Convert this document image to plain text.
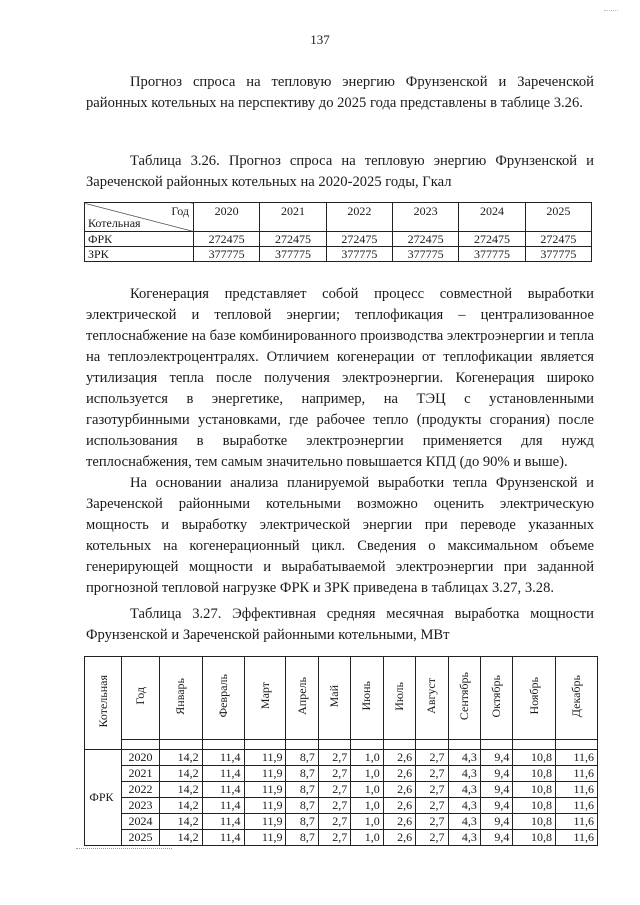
137

Прогноз спроса на тепловую энергию Фрунзенской и Зареченской районных котельных на перспективу до 2025 года представлены в таблице 3.26.

Таблица 3.26. Прогноз спроса на тепловую энергию Фрунзенской и Зареченской районных котельных на 2020-2025 годы, Гкал

Год
Котельная	2020	2021	2022	2023	2024	2025

ФРК	272475	272475	272475	272475	272475	272475
ЗРК	377775	377775	377775	377775	377775	377775

Когенерация представляет собой процесс совместной выработки электрической и тепловой энергии; теплофикация – централизованное теплоснабжение на базе комбинированного производства электроэнергии и тепла на теплоэлектроцентралях. Отличием когенерации от теплофикации является утилизация тепла после получения электроэнергии. Когенерация широко используется в энергетике, например, на ТЭЦ с установленными газотурбинными установками, где рабочее тепло (продукты сгорания) после использования в выработке электроэнергии применяется для нужд теплоснабжения, тем самым значительно повышается КПД (до 90% и выше).

На основании анализа планируемой выработки тепла Фрунзенской и Зареченской районными котельными возможно оценить электрическую мощность и выработку электрической энергии при переводе указанных котельных на когенерационный цикл. Сведения о максимальном объеме генерирующей мощности и вырабатываемой электроэнергии при заданной прогнозной тепловой нагрузке ФРК и ЗРК приведена в таблицах 3.27, 3.28.

Таблица 3.27. Эффективная средняя месячная выработка мощности Фрунзенской и Зареченской районными котельными, МВт

Котельная	Год	Январь	Февраль	Март	Апрель	Май	Июнь	Июль	Август	Сентябрь	Октябрь	Ноябрь	Декабрь

ФРК	2020	14,2	11,4	11,9	8,7	2,7	1,0	2,6	2,7	4,3	9,4	10,8	11,6
	2021	14,2	11,4	11,9	8,7	2,7	1,0	2,6	2,7	4,3	9,4	10,8	11,6
	2022	14,2	11,4	11,9	8,7	2,7	1,0	2,6	2,7	4,3	9,4	10,8	11,6
	2023	14,2	11,4	11,9	8,7	2,7	1,0	2,6	2,7	4,3	9,4	10,8	11,6
	2024	14,2	11,4	11,9	8,7	2,7	1,0	2,6	2,7	4,3	9,4	10,8	11,6
	2025	14,2	11,4	11,9	8,7	2,7	1,0	2,6	2,7	4,3	9,4	10,8	11,6
